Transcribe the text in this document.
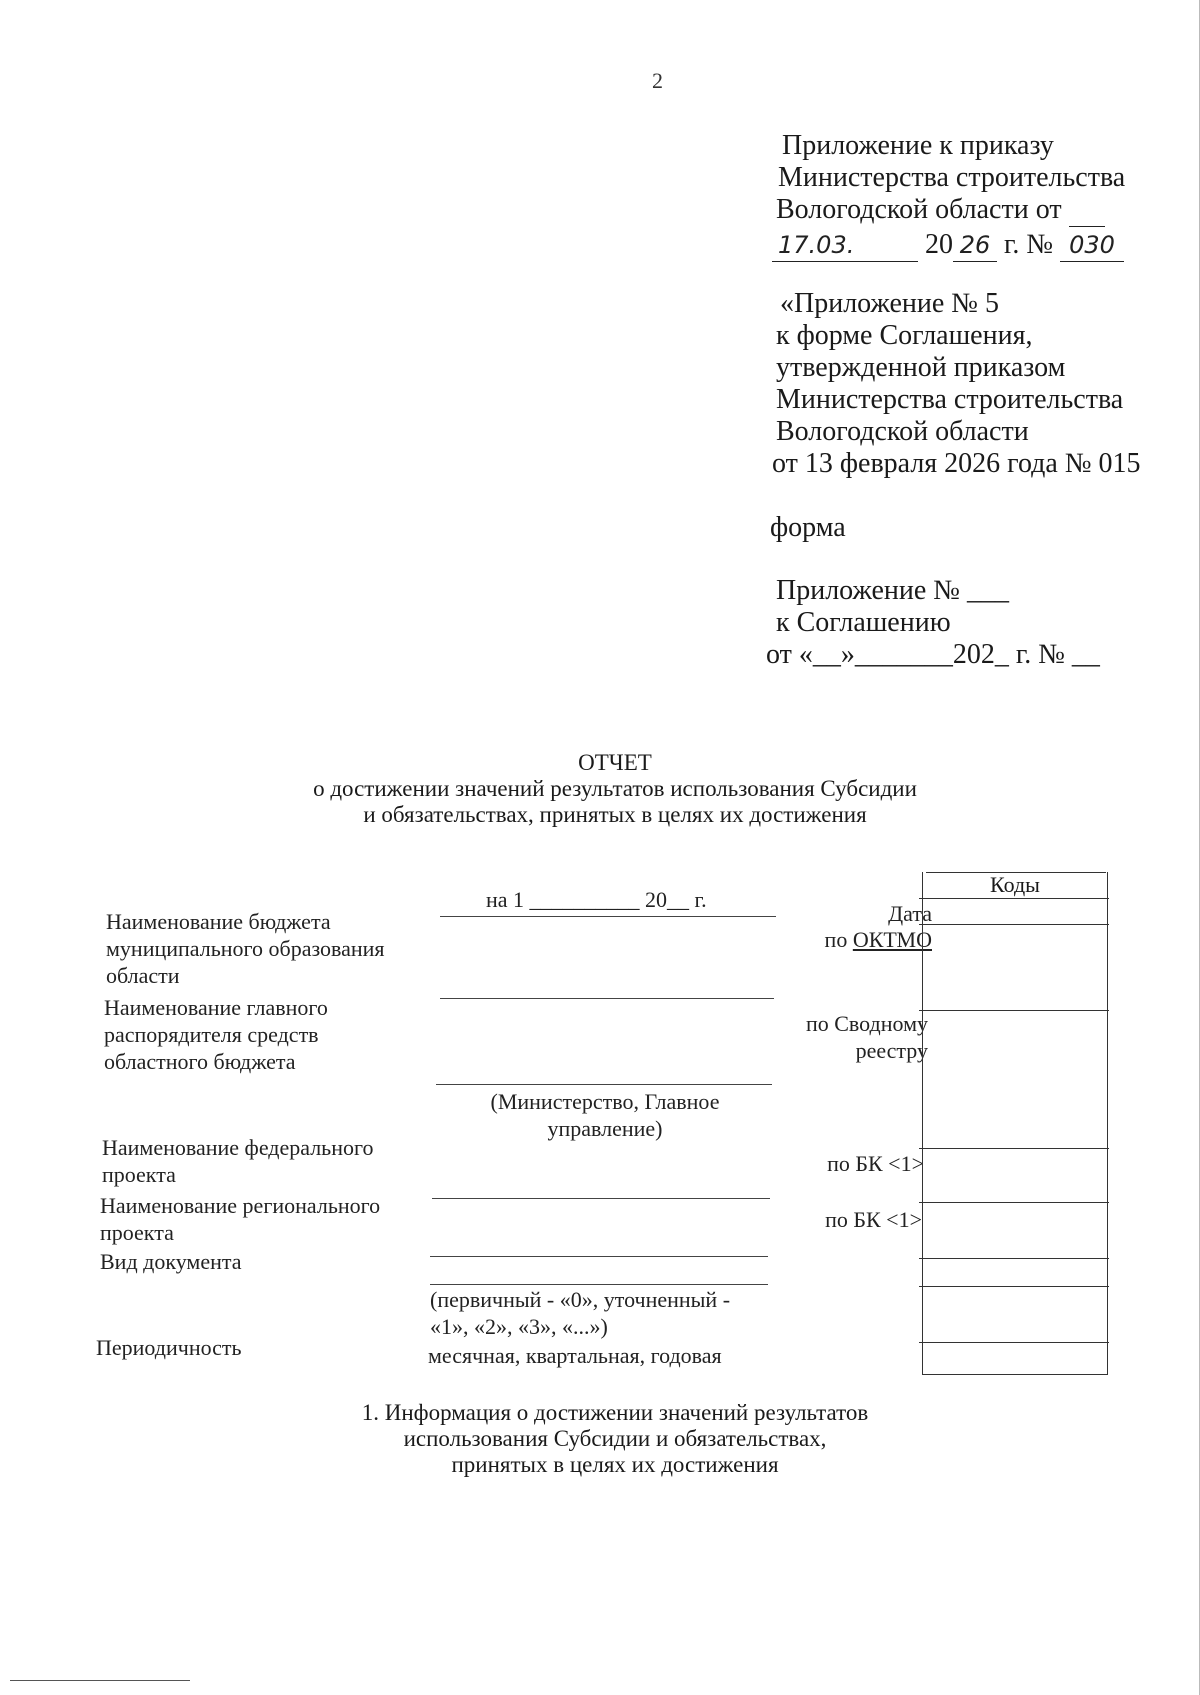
2
Приложение к приказу
Министерства строительства
Вологодской области от
17.03.	20 26 г. № 030
«Приложение № 5
к форме Соглашения,
утвержденной приказом
Министерства строительства
Вологодской области
от 13 февраля 2026 года № 015
форма
Приложение № ___
к Соглашению
от «__»_______202_ г. № __
ОТЧЕТ
о достижении значений результатов использования Субсидии
и обязательствах, принятых в целях их достижения
на 1 __________ 20__ г.
Наименование бюджета
муниципального образования
области
Наименование главного
распорядителя средств
областного бюджета
(Министерство, Главное
управление)
Наименование федерального
проекта
Наименование регионального
проекта
Вид документа
(первичный - «0», уточненный -
«1», «2», «3», «...»)
Периодичность	месячная, квартальная, годовая
Дата
по ОКТМО
по Сводному
реестру
по БК <1>
по БК <1>
Коды
1. Информация о достижении значений результатов
использования Субсидии и обязательствах,
принятых в целях их достижения
